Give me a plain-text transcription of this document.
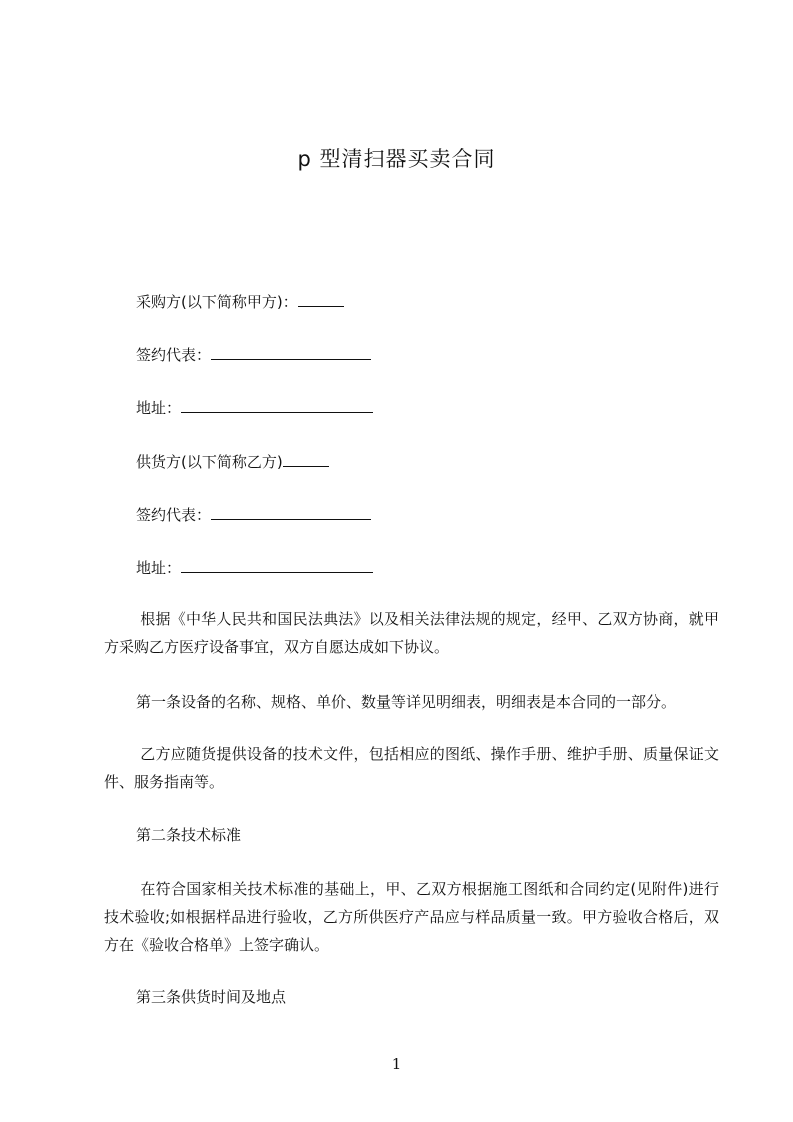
p 型清扫器买卖合同
采购方(以下简称甲方)：
签约代表：
地址：
供货方(以下简称乙方)
签约代表：
地址：
根据《中华人民共和国民法典法》以及相关法律法规的规定，经甲、乙双方协商，就甲方采购乙方医疗设备事宜，双方自愿达成如下协议。
第一条设备的名称、规格、单价、数量等详见明细表，明细表是本合同的一部分。
乙方应随货提供设备的技术文件，包括相应的图纸、操作手册、维护手册、质量保证文件、服务指南等。
第二条技术标准
在符合国家相关技术标准的基础上，甲、乙双方根据施工图纸和合同约定(见附件)进行技术验收;如根据样品进行验收，乙方所供医疗产品应与样品质量一致。甲方验收合格后，双方在《验收合格单》上签字确认。
第三条供货时间及地点
1
